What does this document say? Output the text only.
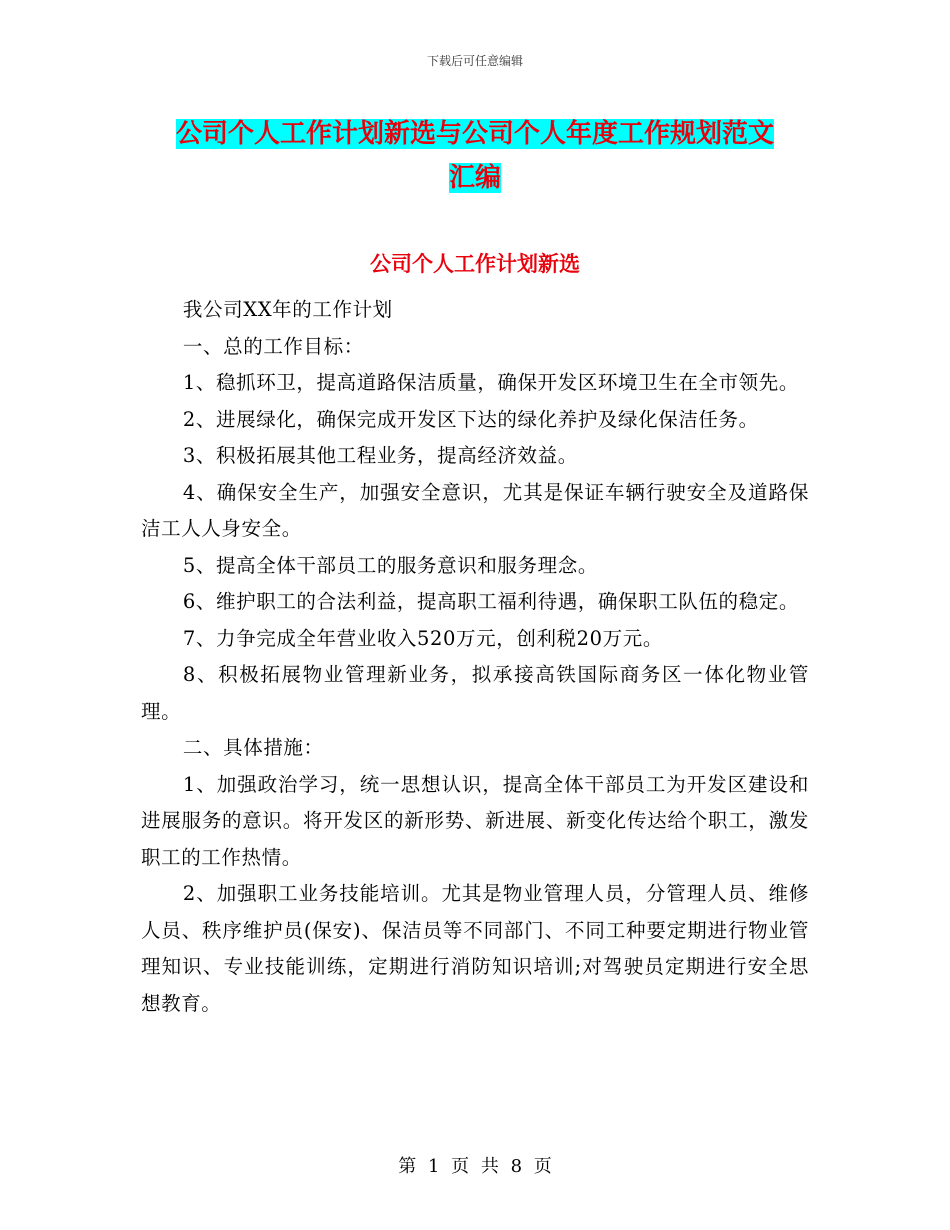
下载后可任意编辑
公司个人工作计划新选与公司个人年度工作规划范文
汇编
公司个人工作计划新选

我公司XX年的工作计划

一、总的工作目标：

1、稳抓环卫，提高道路保洁质量，确保开发区环境卫生在全市领先。

2、进展绿化，确保完成开发区下达的绿化养护及绿化保洁任务。

3、积极拓展其他工程业务，提高经济效益。

4、确保安全生产，加强安全意识，尤其是保证车辆行驶安全及道路保洁工人人身安全。

5、提高全体干部员工的服务意识和服务理念。

6、维护职工的合法利益，提高职工福利待遇，确保职工队伍的稳定。

7、力争完成全年营业收入520万元，创利税20万元。

8、积极拓展物业管理新业务，拟承接高铁国际商务区一体化物业管理。

二、具体措施：

1、加强政治学习，统一思想认识，提高全体干部员工为开发区建设和进展服务的意识。将开发区的新形势、新进展、新变化传达给个职工，激发职工的工作热情。

2、加强职工业务技能培训。尤其是物业管理人员，分管理人员、维修人员、秩序维护员(保安)、保洁员等不同部门、不同工种要定期进行物业管理知识、专业技能训练，定期进行消防知识培训;对驾驶员定期进行安全思想教育。

第 1 页 共 8 页
